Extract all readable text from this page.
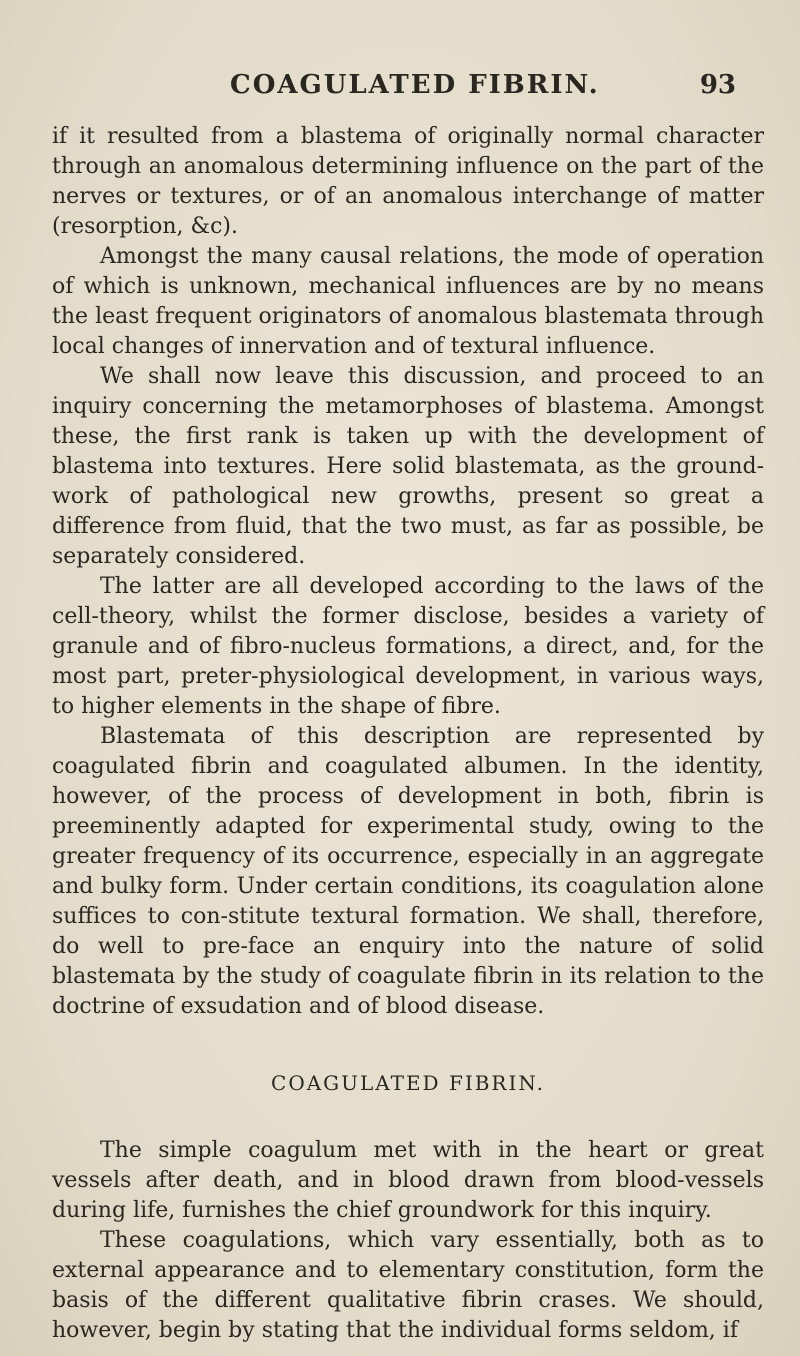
COAGULATED FIBRIN.	93

if it resulted from a blastema of originally normal character through an anomalous determining influence on the part of the nerves or textures, or of an anomalous interchange of matter (resorption, &c).

Amongst the many causal relations, the mode of operation of which is unknown, mechanical influences are by no means the least frequent originators of anomalous blastemata through local changes of innervation and of textural influence.

We shall now leave this discussion, and proceed to an inquiry concerning the metamorphoses of blastema. Amongst these, the first rank is taken up with the development of blastema into textures. Here solid blastemata, as the ground-work of pathological new growths, present so great a difference from fluid, that the two must, as far as possible, be separately considered.

The latter are all developed according to the laws of the cell-theory, whilst the former disclose, besides a variety of granule and of fibro-nucleus formations, a direct, and, for the most part, preter-physiological development, in various ways, to higher elements in the shape of fibre.

Blastemata of this description are represented by coagulated fibrin and coagulated albumen. In the identity, however, of the process of development in both, fibrin is preeminently adapted for experimental study, owing to the greater frequency of its occurrence, especially in an aggregate and bulky form. Under certain conditions, its coagulation alone suffices to con-stitute textural formation. We shall, therefore, do well to pre-face an enquiry into the nature of solid blastemata by the study of coagulate fibrin in its relation to the doctrine of exsudation and of blood disease.

COAGULATED FIBRIN.

The simple coagulum met with in the heart or great vessels after death, and in blood drawn from blood-vessels during life, furnishes the chief groundwork for this inquiry.

These coagulations, which vary essentially, both as to external appearance and to elementary constitution, form the basis of the different qualitative fibrin crases. We should, however, begin by stating that the individual forms seldom, if
